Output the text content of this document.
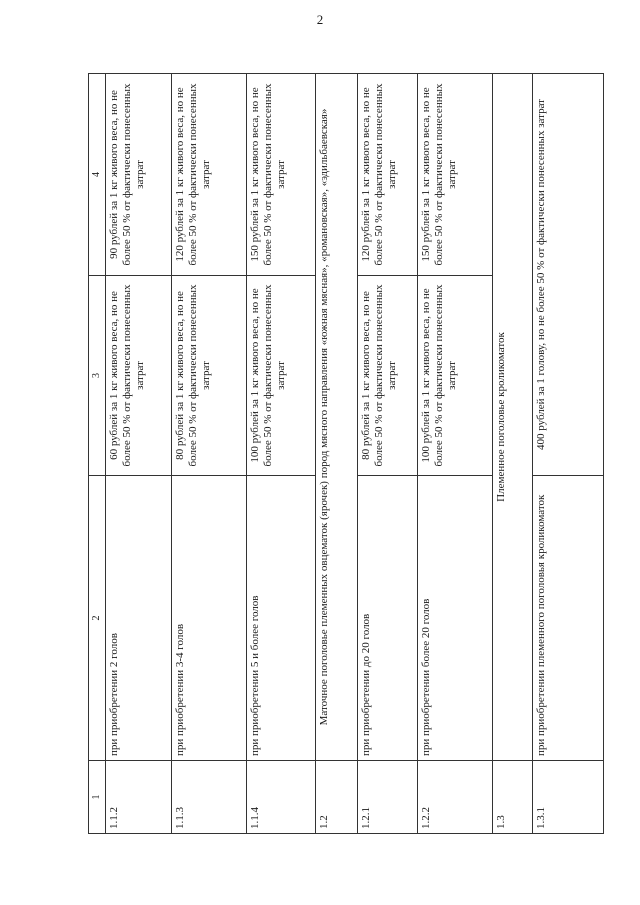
2
1	2	3	4
1.1.2	при приобретении 2 голов	60 рублей за 1 кг живого веса, но не более 50 % от фактически понесенных затрат	90 рублей за 1 кг живого веса, но не более 50 % от фактически понесенных затрат
1.1.3	при приобретении 3-4 голов	80 рублей за 1 кг живого веса, но не более 50 % от фактически понесенных затрат	120 рублей за 1 кг живого веса, но не более 50 % от фактически понесенных затрат
1.1.4	при приобретении 5 и более голов	100 рублей за 1 кг живого веса, но не более 50 % от фактически понесенных затрат	150 рублей за 1 кг живого веса, но не более 50 % от фактически понесенных затрат
1.2	Маточное поголовье племенных овцематок (ярочек) пород мясного направления «южная мясная», «романовская», «эдильбаевская»		
1.2.1	при приобретении до 20 голов	80 рублей за 1 кг живого веса, но не более 50 % от фактически понесенных затрат	120 рублей за 1 кг живого веса, но не более 50 % от фактически понесенных затрат
1.2.2	при приобретении более 20 голов	100 рублей за 1 кг живого веса, но не более 50 % от фактически понесенных затрат	150 рублей за 1 кг живого веса, но не более 50 % от фактически понесенных затрат
1.3	Племенное поголовье кроликоматок		
1.3.1	при приобретении племенного поголовья кроликоматок	400 рублей за 1 голову, но не более 50 % от фактически понесенных затрат	
